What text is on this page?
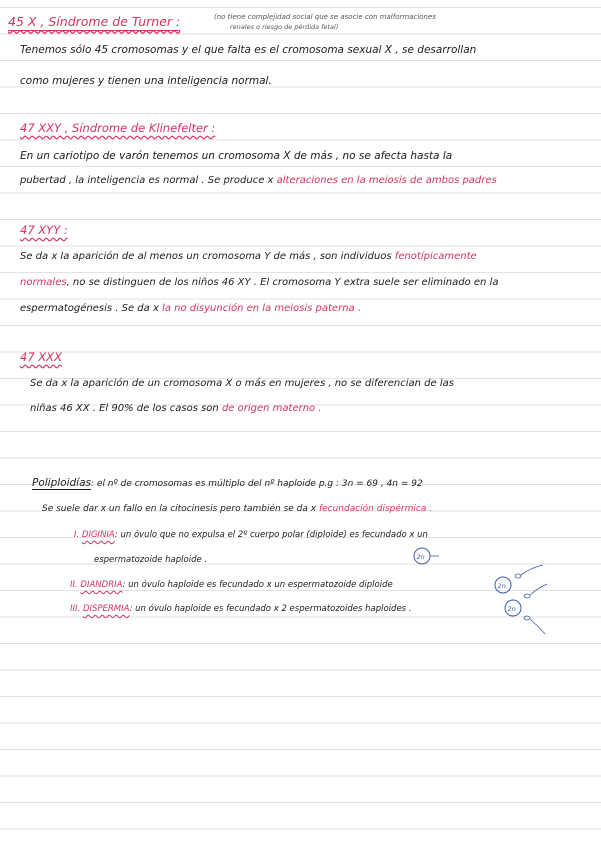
45 X , Síndrome de Turner :	(no tiene complejidad social que se asocie con malformaciones
renales o riesgo de pérdida fetal)
Tenemos sólo 45 cromosomas y el que falta es el cromosoma sexual X , se desarrollan
como mujeres y tienen una inteligencia normal.
47 XXY , Síndrome de Klinefelter :
En un cariotipo de varón tenemos un cromosoma X de más , no se afecta hasta la
pubertad , la inteligencia es normal . Se produce x alteraciones en la meiosis de ambos padres
47 XYY :
Se da x la aparición de al menos un cromosoma Y de más , son individuos fenotípicamente
normales, no se distinguen de los niños 46 XY . El cromosoma Y extra suele ser eliminado en la
espermatogénesis . Se da x la no disyunción en la meiosis paterna .
47 XXX
Se da x la aparición de un cromosoma X o más en mujeres , no se diferencian de las
niñas 46 XX . El 90% de los casos son de origen materno .
Poliploidías: el nº de cromosomas es múltiplo del nº haploide p.g : 3n = 69 , 4n = 92
Se suele dar x un fallo en la citocinesis pero también se da x fecundación dispérmica .
I. DIGINIA: un óvulo que no expulsa el 2º cuerpo polar (diploide) es fecundado x un
espermatozoide haploide .
II. DIANDRIA: un óvulo haploide es fecundado x un espermatozoide diploide
III. DISPERMIA: un óvulo haploide es fecundado x 2 espermatozoides haploides .
2n
2n
2n
